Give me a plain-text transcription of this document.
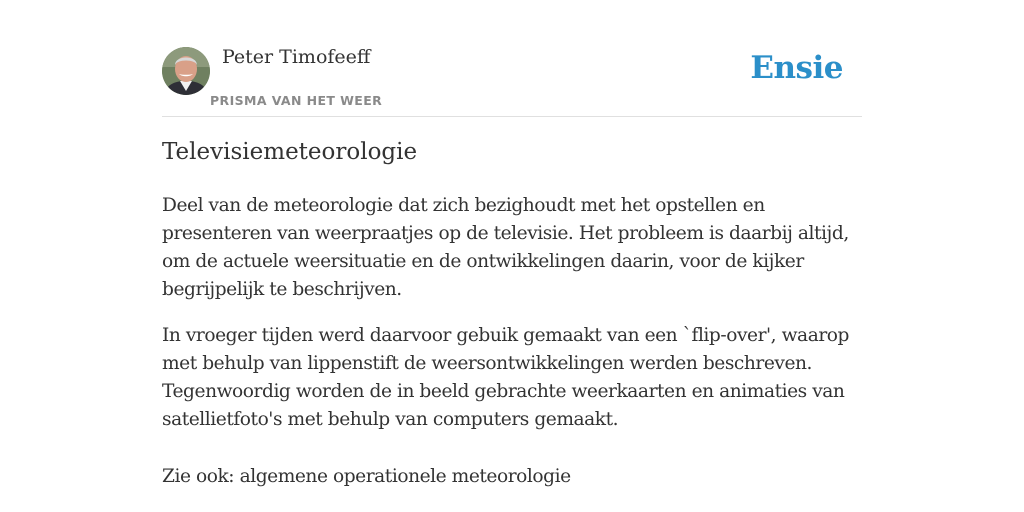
Peter Timofeeff
PRISMA VAN HET WEER
Ensie
Televisiemeteorologie

Deel van de meteorologie dat zich bezighoudt met het opstellen en presenteren van weerpraatjes op de televisie. Het probleem is daarbij altijd, om de actuele weersituatie en de ontwikkelingen daarin, voor de kijker begrijpelijk te beschrijven.

In vroeger tijden werd daarvoor gebuik gemaakt van een `flip-over', waarop met behulp van lippenstift de weersontwikkelingen werden beschreven. Tegenwoordig worden de in beeld gebrachte weerkaarten en animaties van satellietfoto's met behulp van computers gemaakt.

Zie ook: algemene operationele meteorologie
